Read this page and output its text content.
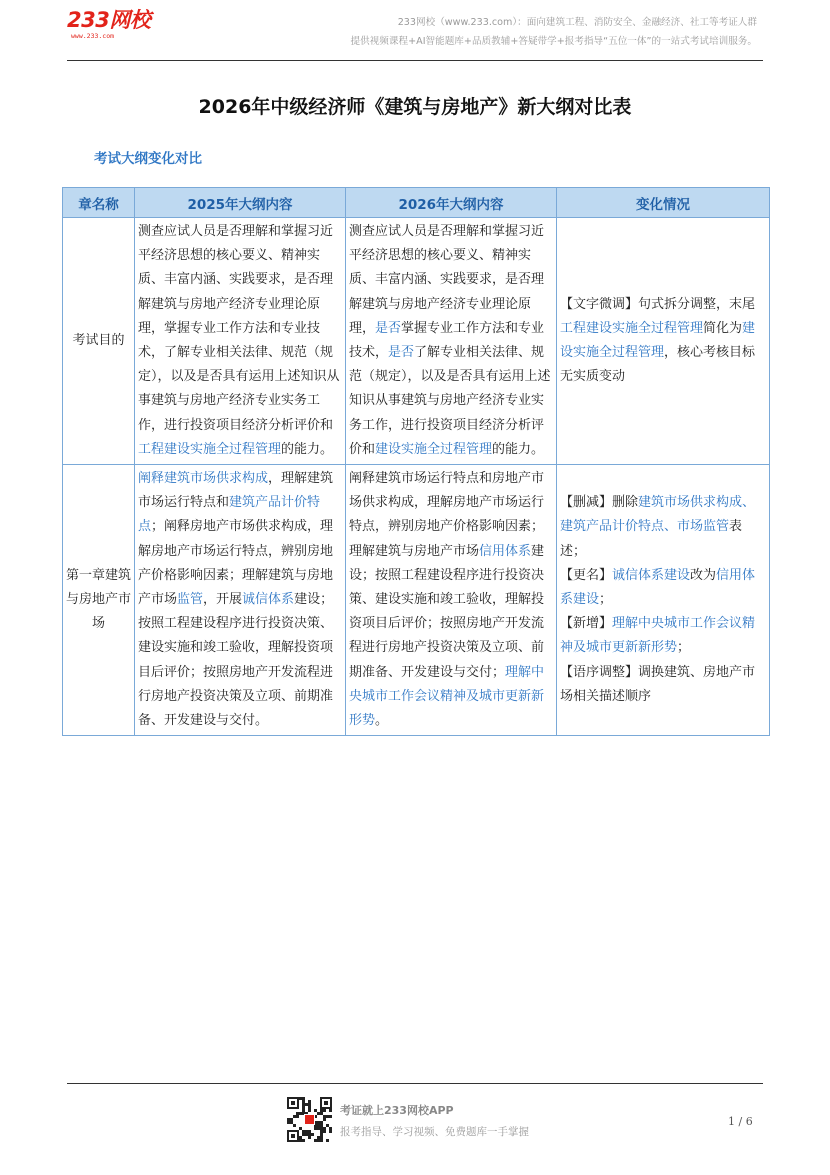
233网校
www.233.com
233网校（www.233.com）：面向建筑工程、消防安全、金融经济、社工等考证人群
提供视频课程+AI智能题库+品质教辅+答疑带学+报考指导“五位一体”的一站式考试培训服务。
2026年中级经济师《建筑与房地产》新大纲对比表
考试大纲变化对比
章名称	2025年大纲内容	2026年大纲内容	变化情况
考试目的	测查应试人员是否理解和掌握习近平经济思想的核心要义、精神实质、丰富内涵、实践要求，是否理解建筑与房地产经济专业理论原理，掌握专业工作方法和专业技术，了解专业相关法律、规范（规定），以及是否具有运用上述知识从事建筑与房地产经济专业实务工作，进行投资项目经济分析评价和工程建设实施全过程管理的能力。	测查应试人员是否理解和掌握习近平经济思想的核心要义、精神实质、丰富内涵、实践要求，是否理解建筑与房地产经济专业理论原理，是否掌握专业工作方法和专业技术，是否了解专业相关法律、规范（规定），以及是否具有运用上述知识从事建筑与房地产经济专业实务工作，进行投资项目经济分析评价和建设实施全过程管理的能力。	【文字微调】句式拆分调整，末尾工程建设实施全过程管理简化为建设实施全过程管理，核心考核目标无实质变动

第一章建筑与房地产市场	阐释建筑市场供求构成，理解建筑市场运行特点和建筑产品计价特点；阐释房地产市场供求构成，理解房地产市场运行特点，辨别房地产价格影响因素；理解建筑与房地产市场监管，开展诚信体系建设；按照工程建设程序进行投资决策、建设实施和竣工验收，理解投资项目后评价；按照房地产开发流程进行房地产投资决策及立项、前期准备、开发建设与交付。	阐释建筑市场运行特点和房地产市场供求构成，理解房地产市场运行特点，辨别房地产价格影响因素；理解建筑与房地产市场信用体系建设；按照工程建设程序进行投资决策、建设实施和竣工验收，理解投资项目后评价；按照房地产开发流程进行房地产投资决策及立项、前期准备、开发建设与交付；理解中央城市工作会议精神及城市更新新形势。	【删减】删除建筑市场供求构成、建筑产品计价特点、市场监管表述；
【更名】诚信体系建设改为信用体系建设；
【新增】理解中央城市工作会议精神及城市更新新形势；
【语序调整】调换建筑、房地产市场相关描述顺序
考证就上233网校APP
报考指导、学习视频、免费题库一手掌握
1 / 6
